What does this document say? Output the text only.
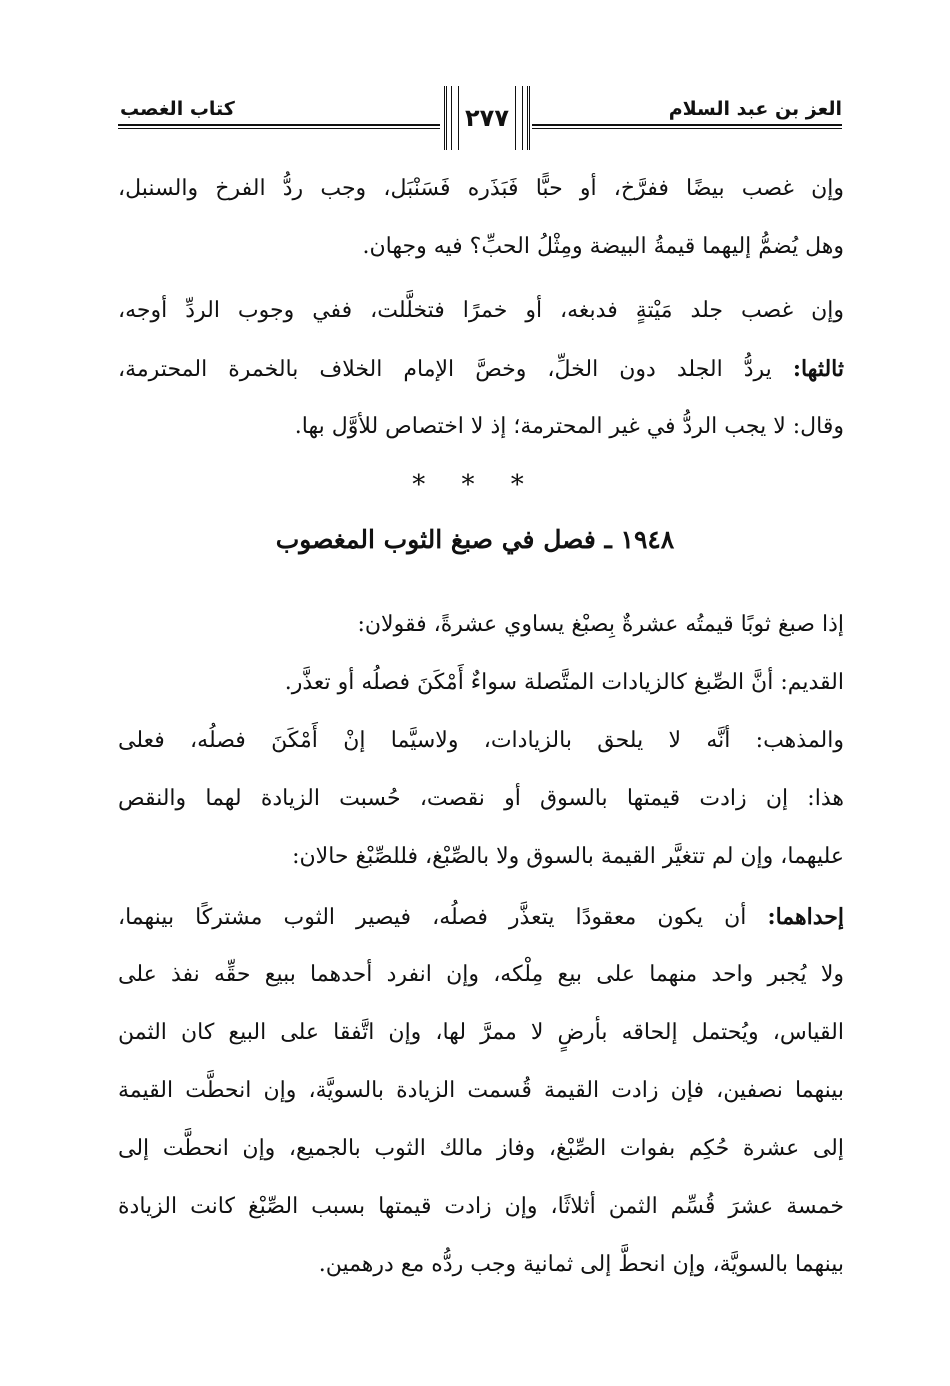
العز بن عبد السلام
كتاب الغصب	٢٧٧
وإن غصب بيضًا ففرَّخ، أو حبًّا فَبَذَره فَسَنْبَل، وجب ردُّ الفرخ والسنبل،
وهل يُضمُّ إليهما قيمةُ البيضة ومِثْلُ الحبِّ؟ فيه وجهان.
وإن غصب جلد مَيْتةٍ فدبغه، أو خمرًا فتخلَّلت، ففي وجوب الردِّ أوجه،
ثالثها: يردُّ الجلد دون الخلِّ، وخصَّ الإمام الخلاف بالخمرة المحترمة،
وقال: لا يجب الردُّ في غير المحترمة؛ إذ لا اختصاص للأوَّل بها.
* * *
١٩٤٨ ـ فصل في صبغ الثوب المغصوب
إذا صبغ ثوبًا قيمتُه عشرةٌ بِصبْغ يساوي عشرةً، فقولان:
القديم: أنَّ الصِّبغ كالزيادات المتَّصلة سواءٌ أَمْكَنَ فصلُه أو تعذَّر.
والمذهب: أنَّه لا يلحق بالزيادات، ولاسيَّما إنْ أَمْكَنَ فصلُه، فعلى
هذا: إن زادت قيمتها بالسوق أو نقصت، حُسبت الزيادة لهما والنقص
عليهما، وإن لم تتغيَّر القيمة بالسوق ولا بالصِّبْغ، فللصِّبْغ حالان:
إحداهما: أن يكون معقودًا يتعذَّر فصلُه، فيصير الثوب مشتركًا بينهما،
ولا يُجبر واحد منهما على بيع مِلْكه، وإن انفرد أحدهما ببيع حقِّه نفذ على
القياس، ويُحتمل إلحاقه بأرضٍ لا ممرَّ لها، وإن اتَّفقا على البيع كان الثمن
بينهما نصفين، فإن زادت القيمة قُسمت الزيادة بالسويَّة، وإن انحطَّت القيمة
إلى عشرة حُكِم بفوات الصِّبْغ، وفاز مالك الثوب بالجميع، وإن انحطَّت إلى
خمسة عشرَ قُسِّم الثمن أثلاثًا، وإن زادت قيمتها بسبب الصِّبْغ كانت الزيادة
بينهما بالسويَّة، وإن انحطَّ إلى ثمانية وجب ردُّه مع درهمين.
